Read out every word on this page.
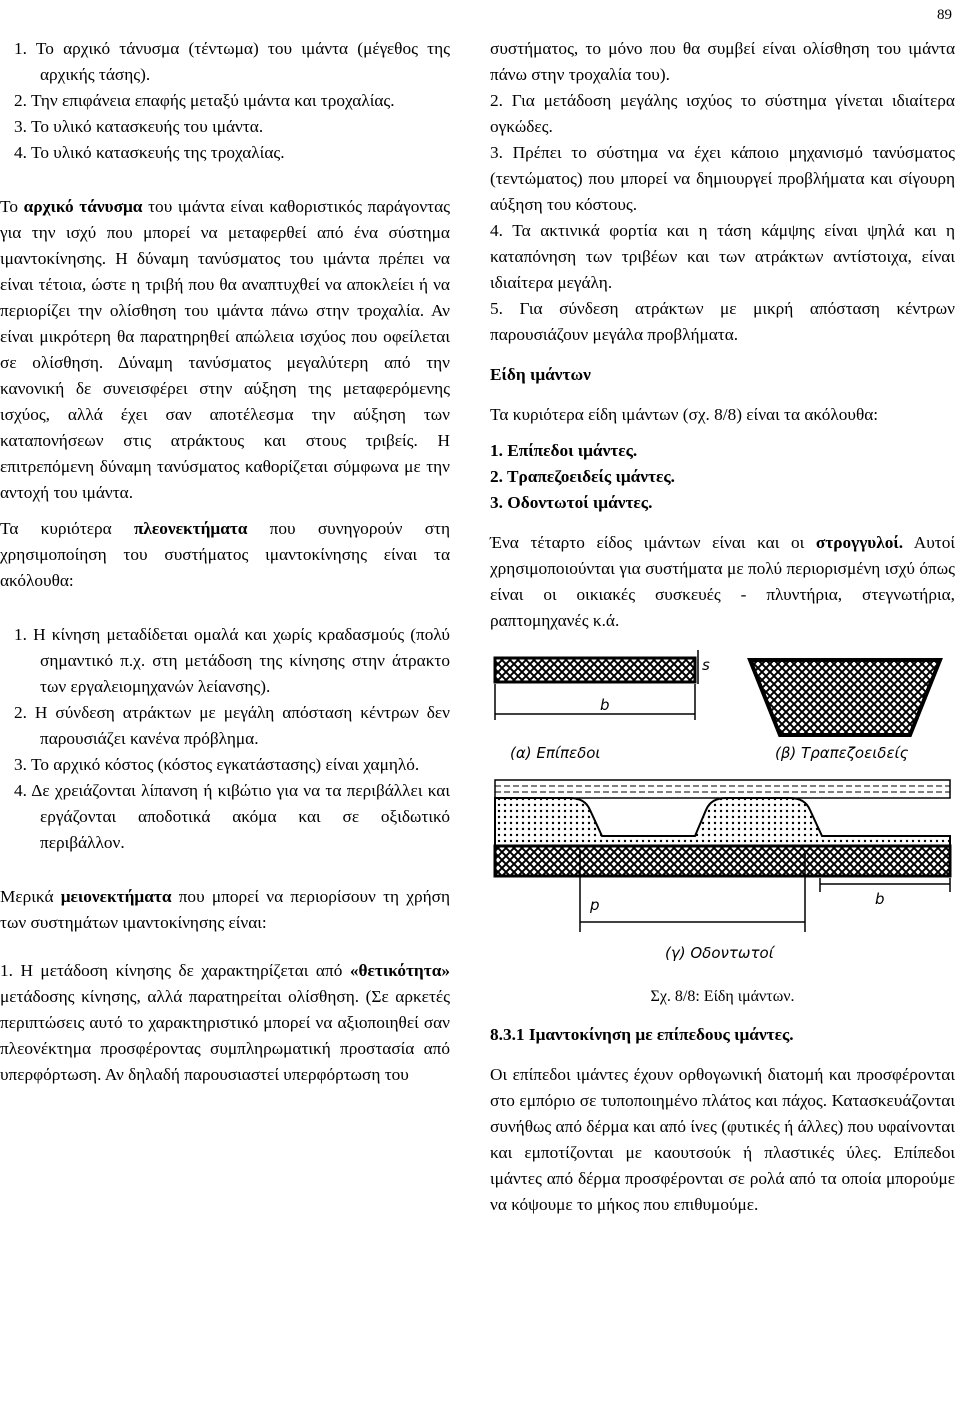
89

1. Το αρχικό τάνυσμα (τέντωμα) του ιμάντα (μέγεθος της αρχικής τάσης).

2. Την επιφάνεια επαφής μεταξύ ιμάντα και τροχαλίας.

3. Το υλικό κατασκευής του ιμάντα.

4. Το υλικό κατασκευής της τροχαλίας.

Το αρχικό τάνυσμα του ιμάντα είναι καθοριστικός παράγοντας για την ισχύ που μπορεί να μεταφερθεί από ένα σύστημα ιμαντοκίνησης. Η δύναμη τανύσματος του ιμάντα πρέπει να είναι τέτοια, ώστε η τριβή που θα αναπτυχθεί να αποκλείει ή να περιορίζει την ολίσθηση του ιμάντα πάνω στην τροχαλία. Αν είναι μικρότερη θα παρατηρηθεί απώλεια ισχύος που οφείλεται σε ολίσθηση. Δύναμη τανύσματος μεγαλύτερη από την κανονική δε συνεισφέρει στην αύξηση της μεταφερόμενης ισχύος, αλλά έχει σαν αποτέλεσμα την αύξηση των καταπονήσεων στις ατράκτους και στους τριβείς. Η επιτρεπόμενη δύναμη τανύσματος καθορίζεται σύμφωνα με την αντοχή του ιμάντα.

Τα κυριότερα πλεονεκτήματα που συνηγορούν στη χρησιμοποίηση του συστήματος ιμαντοκίνησης είναι τα ακόλουθα:

1. Η κίνηση μεταδίδεται ομαλά και χωρίς κραδασμούς (πολύ σημαντικό π.χ. στη μετάδοση της κίνησης στην άτρακτο των εργαλειομηχανών λείανσης).

2. Η σύνδεση ατράκτων με μεγάλη απόσταση κέντρων δεν παρουσιάζει κανένα πρόβλημα.

3. Το αρχικό κόστος (κόστος εγκατάστασης) είναι χαμηλό.

4. Δε χρειάζονται λίπανση ή κιβώτιο για να τα περιβάλλει και εργάζονται αποδοτικά ακόμα και σε οξιδωτικό περιβάλλον.

Μερικά μειονεκτήματα που μπορεί να περιορίσουν τη χρήση των συστημάτων ιμαντοκίνησης είναι:

1. Η μετάδοση κίνησης δε χαρακτηρίζεται από «θετικότητα» μετάδοσης κίνησης, αλλά παρατηρείται ολίσθηση. (Σε αρκετές περιπτώσεις αυτό το χαρακτηριστικό μπορεί να αξιοποιηθεί σαν πλεονέκτημα προσφέροντας συμπληρωματική προστασία από υπερφόρτωση. Αν δηλαδή παρουσιαστεί υπερφόρτωση του

συστήματος, το μόνο που θα συμβεί είναι ολίσθηση του ιμάντα πάνω στην τροχαλία του).

2. Για μετάδοση μεγάλης ισχύος το σύστημα γίνεται ιδιαίτερα ογκώδες.

3. Πρέπει το σύστημα να έχει κάποιο μηχανισμό τανύσματος (τεντώματος) που μπορεί να δημιουργεί προβλήματα και σίγουρη αύξηση του κόστους.

4. Τα ακτινικά φορτία και η τάση κάμψης είναι ψηλά και η καταπόνηση των τριβέων και των ατράκτων αντίστοιχα, είναι ιδιαίτερα μεγάλη.

5. Για σύνδεση ατράκτων με μικρή απόσταση κέντρων παρουσιάζουν μεγάλα προβλήματα.

Είδη ιμάντων

Τα κυριότερα είδη ιμάντων (σχ. 8/8) είναι τα ακόλουθα:

1. Επίπεδοι ιμάντες.

2. Τραπεζοειδείς ιμάντες.

3. Οδοντωτοί ιμάντες.

Ένα τέταρτο είδος ιμάντων είναι και οι στρογγυλοί. Αυτοί χρησιμοποιούνται για συστήματα με πολύ περιορισμένη ισχύ όπως είναι οι οικιακές συσκευές - πλυντήρια, στεγνωτήρια, ραπτομηχανές κ.ά.

b
(α) Επίπεδοι
s
(β) Τραπεζοειδείς
b
p
(γ) Οδοντωτοί

Σχ. 8/8: Είδη ιμάντων.

8.3.1 Ιμαντοκίνηση με επίπεδους ιμάντες.

Οι επίπεδοι ιμάντες έχουν ορθογωνική διατομή και προσφέρονται στο εμπόριο σε τυποποιημένο πλάτος και πάχος. Κατασκευάζονται συνήθως από δέρμα και από ίνες (φυτικές ή άλλες) που υφαίνονται και εμποτίζονται με καουτσούκ ή πλαστικές ύλες. Επίπεδοι ιμάντες από δέρμα προσφέρονται σε ρολά από τα οποία μπορούμε να κόψουμε το μήκος που επιθυμούμε.
